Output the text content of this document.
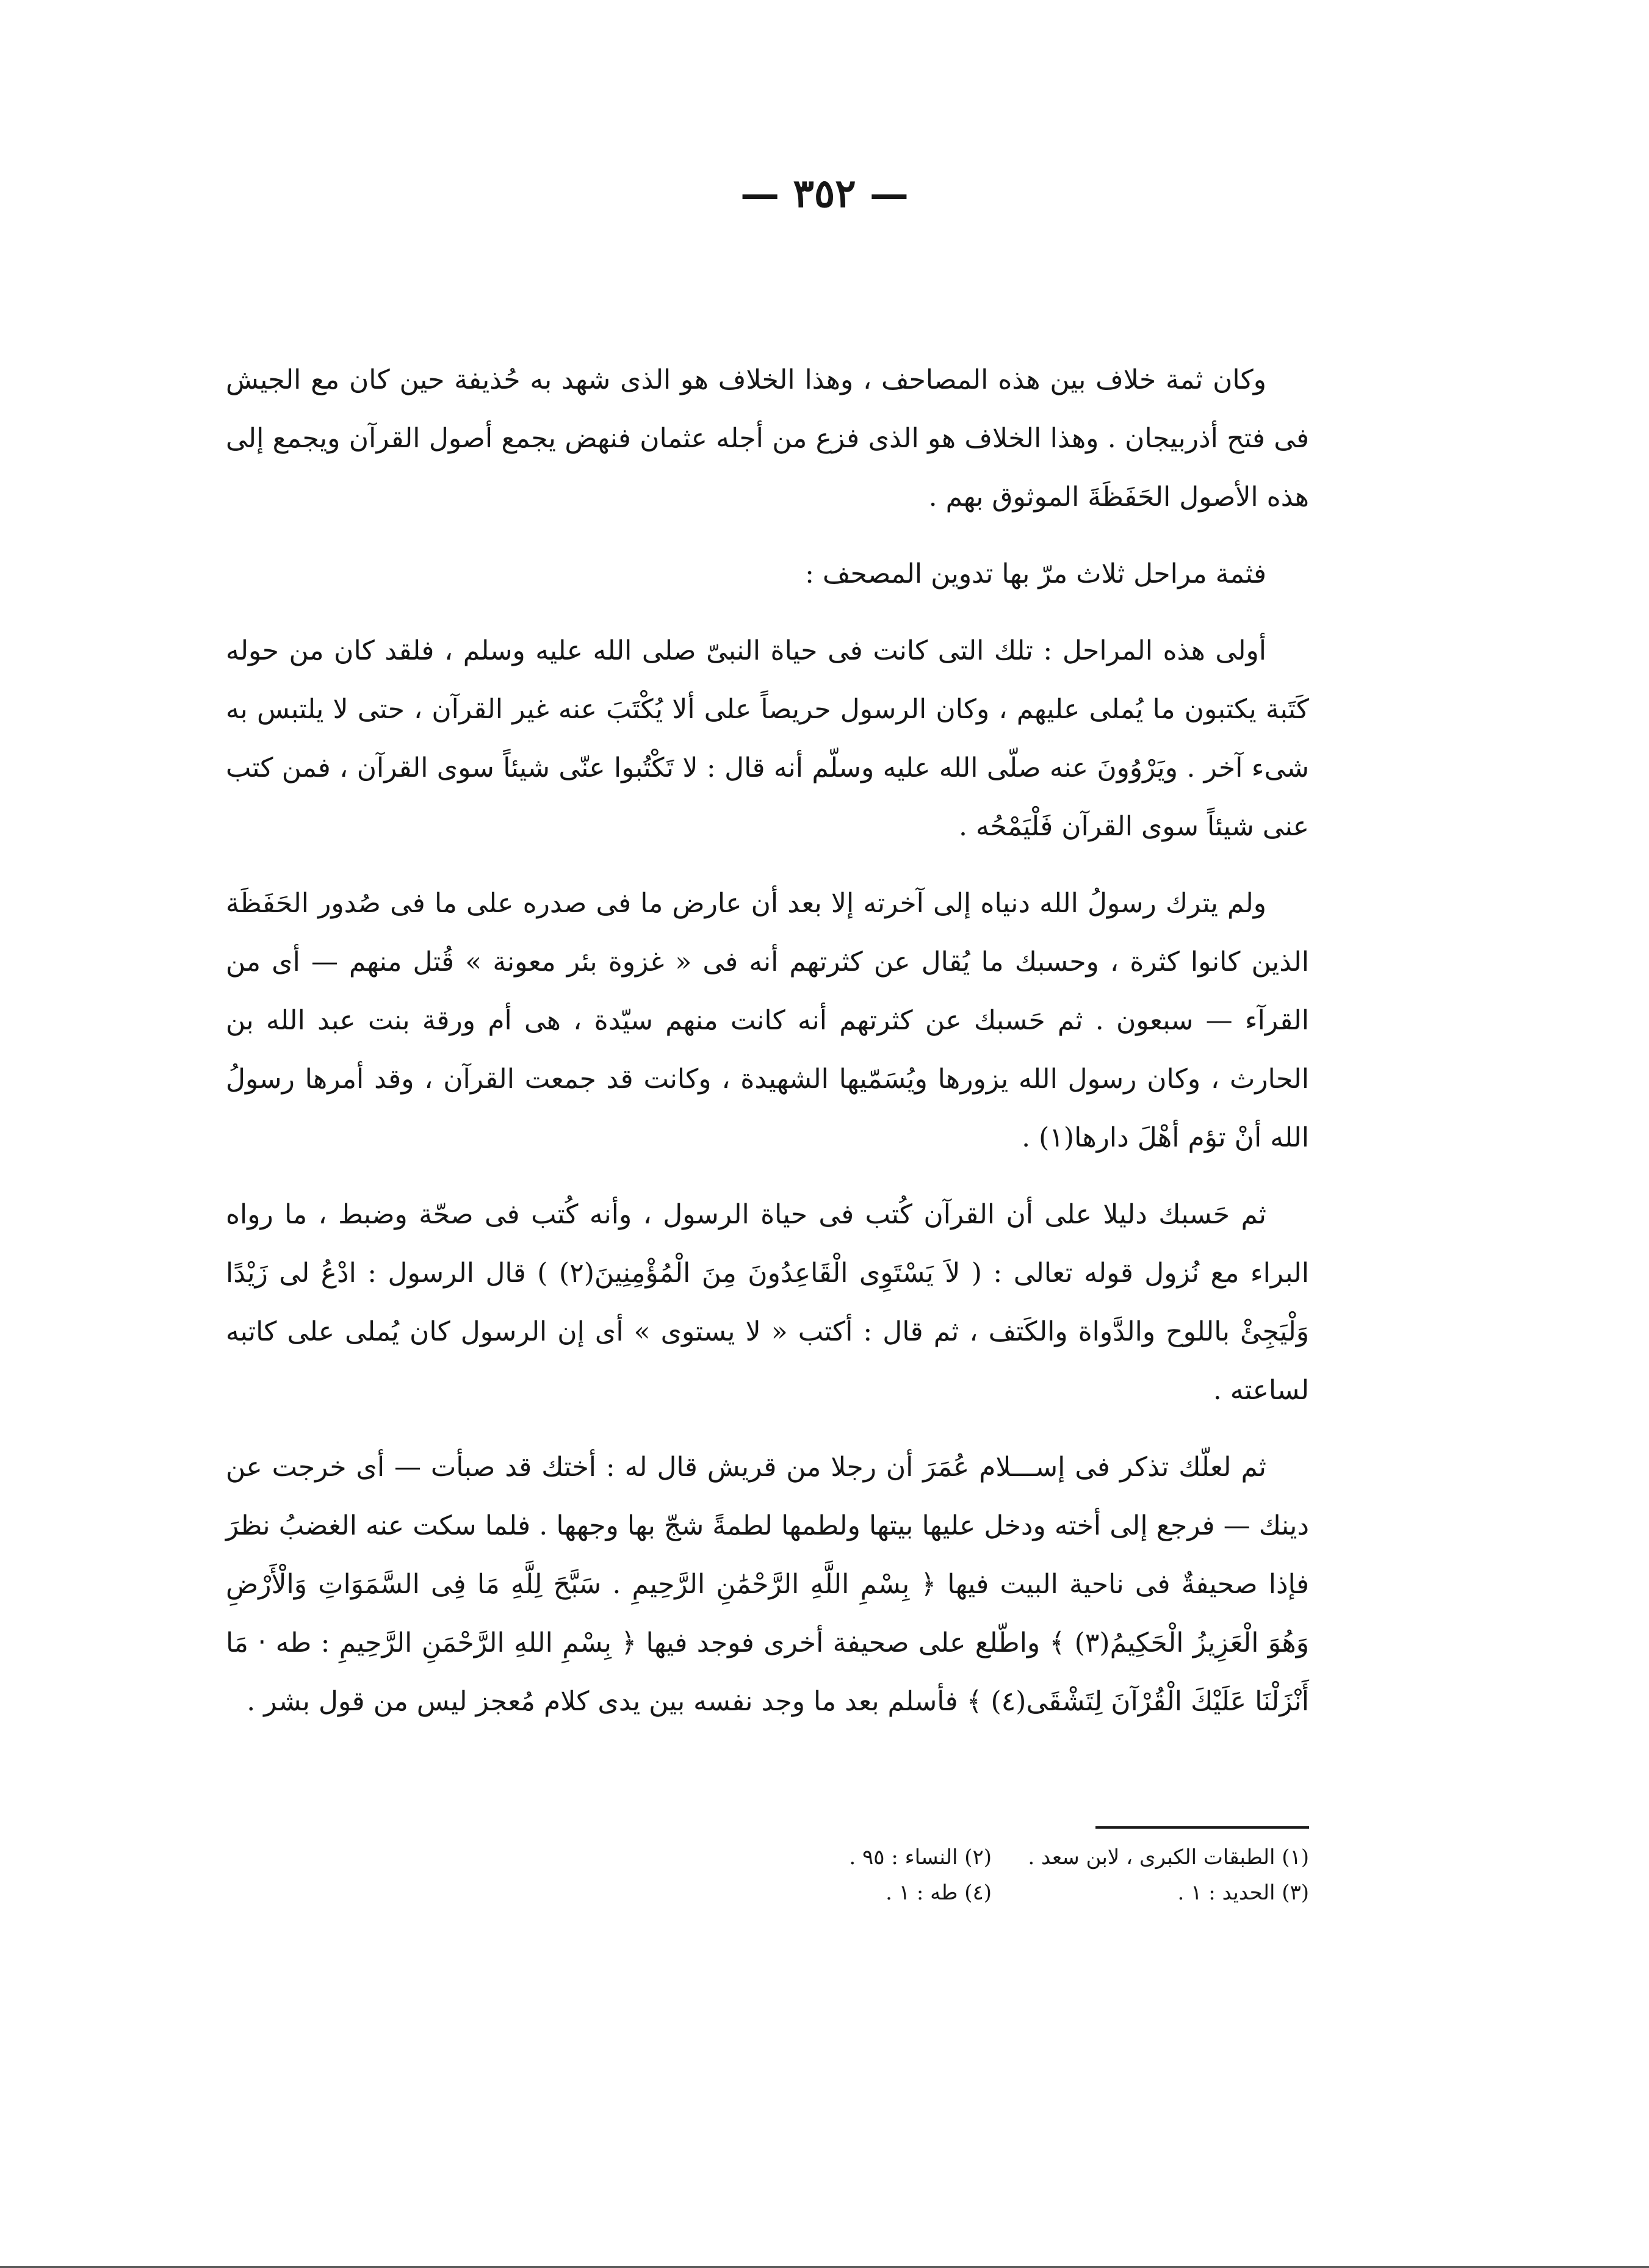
— ٣٥٢ —

وكان ثمة خلاف بين هذه المصاحف ، وهذا الخلاف هو الذى شهد به حُذيفة حين كان مع الجيش فى فتح أذربيجان . وهذا الخلاف هو الذى فزع من أجله عثمان فنهض يجمع أصول القرآن ويجمع إلى هذه الأصول الحَفَظَةَ الموثوق بهم .

فثمة مراحل ثلاث مرّ بها تدوين المصحف :

أولى هذه المراحل : تلك التى كانت فى حياة النبىّ صلى الله عليه وسلم ، فلقد كان من حوله كَتَبة يكتبون ما يُملى عليهم ، وكان الرسول حريصاً على ألا يُكْتَبَ عنه غير القرآن ، حتى لا يلتبس به شىء آخر . ويَرْوُونَ عنه صلّى الله عليه وسلّم أنه قال : لا تَكْتُبوا عنّى شيئاً سوى القرآن ، فمن كتب عنى شيئاً سوى القرآن فَلْيَمْحُه .

ولم يترك رسولُ الله دنياه إلى آخرته إلا بعد أن عارض ما فى صدره على ما فى صُدور الحَفَظَة الذين كانوا كثرة ، وحسبك ما يُقال عن كثرتهم أنه فى « غزوة بئر معونة » قُتل منهم — أى من القرآء — سبعون . ثم حَسبك عن كثرتهم أنه كانت منهم سيّدة ، هى أم ورقة بنت عبد الله بن الحارث ، وكان رسول الله يزورها ويُسَمّيها الشهيدة ، وكانت قد جمعت القرآن ، وقد أمرها رسولُ الله أنْ تؤم أهْلَ دارها(١) .

ثم حَسبك دليلا على أن القرآن كُتب فى حياة الرسول ، وأنه كُتب فى صحّة وضبط ، ما رواه البراء مع نُزول قوله تعالى : ( لاَ يَسْتَوِى الْقَاعِدُونَ مِنَ الْمُؤْمِنِينَ(٢) ) قال الرسول : ادْعُ لى زَيْدًا وَلْيَجِئْ باللوح والدَّواة والكَتف ، ثم قال : أكتب « لا يستوى » أى إن الرسول كان يُملى على كاتبه لساعته .

ثم لعلّك تذكر فى إســـلام عُمَرَ أن رجلا من قريش قال له : أختك قد صبأت — أى خرجت عن دينك — فرجع إلى أخته ودخل عليها بيتها ولطمها لطمةً شجّ بها وجهها . فلما سكت عنه الغضبُ نظرَ فإذا صحيفةٌ فى ناحية البيت فيها ﴿ بِسْمِ اللَّهِ الرَّحْمَٰنِ الرَّحِيمِ . سَبَّحَ لِلَّهِ مَا فِى السَّمَوَاتِ وَالْأَرْضِ وَهُوَ الْعَزِيزُ الْحَكِيمُ(٣) ﴾ واطّلع على صحيفة أخرى فوجد فيها ﴿ بِسْمِ اللهِ الرَّحْمَنِ الرَّحِيمِ : طه ‧ مَا أَنْزَلْنَا عَلَيْكَ الْقُرْآنَ لِتَشْقَى(٤) ﴾ فأسلم بعد ما وجد نفسه بين يدى كلام مُعجز ليس من قول بشر .

(١) الطبقات الكبرى ، لابن سعد .
(٢) النساء : ٩٥ .
(٣) الحديد : ١ .
(٤) طه : ١ .
